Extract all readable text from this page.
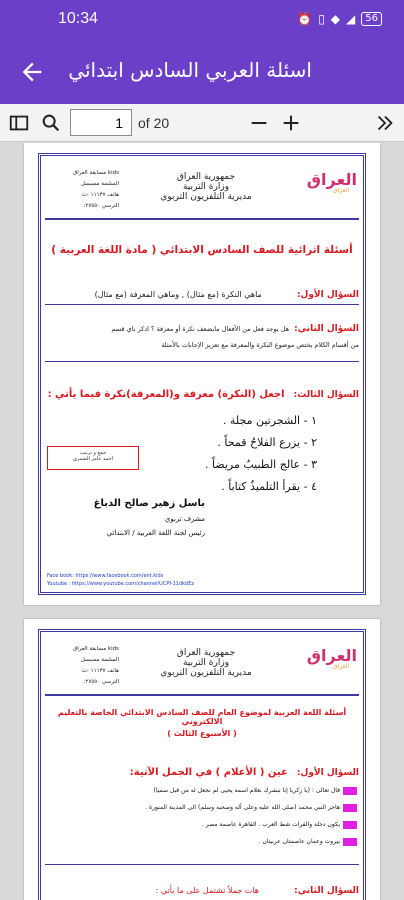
10:34	⏰ ▯ ◆ ◢	56
اسئلة العربي السادس ابتدائي
1
of 20
العراق
العراق
جمهورية العراق
وزارة التربية
مديرية التلفزيون التربوي
kids مسابقة العراق
السلسة مسبسل
هاتف ١١١٣٧ :ت
الترسي ٢٧٥٥٠:
أسئلة اثرائية للصف السادس الابتدائي ( مادة اللغة العربية )
السؤال الأول: ماهي النكرة (مع مثال) , وماهي المعرفة (مع مثال)
السؤال الثاني: هل يوجد فعل من الأفعال مايضعف نكرة أو معرفة ؟ اذكر ناي قسم
من أقسام الكلام يختص موضوع النكرة والمعرفة مع تعزيز الإجابات بالأمثلة
السؤال الثالث: اجعل (النكرة) معرفة و(المعرفة)نكرة فيما يأتي :
١ - الشجرتين مجلة .
٢ - يزرع الفلاحُ قمحاً .
٣ - عالج الطبيبُ مريضاً .
٤ - يقرأ التلميذُ كتاباً .
جمع و ترتيب
احمد عامر الشمري
باسل زهير صالح الدباغ
مشرف تربوي
رئيس لجنة اللغة العربية / الابتدائي
Face book: https://www.facebook.com/ent.kids
Youtube : https://www.youtube.com/channel/UCPf-11dkdEz
العراق
العراق
جمهورية العراق
وزارة التربية
مديرية التلفزيون التربوي
kids مسابقة العراق
السلسة مسبسل
هاتف ١١١٣٧ :ت
الترسي ٢٧٥٥٠:
أسئلة اللغة العربية لموضوع العام للصف السادس الابتدائي الخاصة بالتعليم الالكتروني
( الأسبوع الثالث )
السؤال الأول: عين ( الأعلام ) في الجمل الآتية:
قال تعالى : (يا زكريا إنا نبشرك بغلام اسمه يحيى لم نجعل له من قبل سميا)
هاجر النبي محمد (صلى الله عليه وعلى آله وصحبه وسلم) الى المدينة المنورة .
يكون دجلة والفرات شط العرب . القاهرة عاصمة مصر .
بيروت وعمان عاصمتان عربيتان .
السؤال الثاني: هات جملاً تشتمل على ما يأتي :
